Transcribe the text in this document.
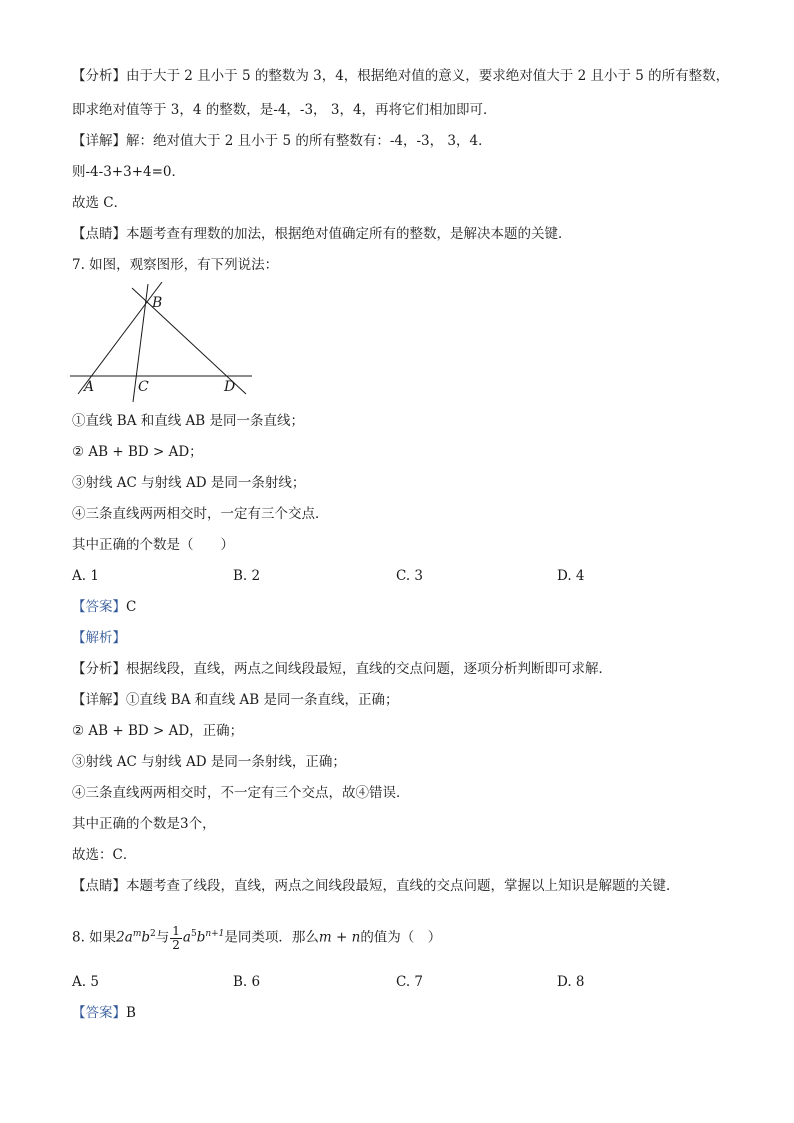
【分析】由于大于 2 且小于 5 的整数为 3，4，根据绝对值的意义，要求绝对值大于 2 且小于 5 的所有整数，
即求绝对值等于 3，4 的整数，是-4，-3， 3，4，再将它们相加即可．
【详解】解：绝对值大于 2 且小于 5 的所有整数有：-4，-3， 3，4．
则-4-3+3+4=0．
故选 C．
【点睛】本题考查有理数的加法，根据绝对值确定所有的整数，是解决本题的关键．
7. 如图，观察图形，有下列说法：
B
A	C	D
①直线 BA 和直线 AB 是同一条直线；
② AB + BD > AD；
③射线 AC 与射线 AD 是同一条射线；
④三条直线两两相交时，一定有三个交点．
其中正确的个数是（　　）
A. 1	B. 2	C. 3	D. 4
【答案】C
【解析】
【分析】根据线段，直线，两点之间线段最短，直线的交点问题，逐项分析判断即可求解．
【详解】①直线 BA 和直线 AB 是同一条直线，正确；
② AB + BD > AD，正确；
③射线 AC 与射线 AD 是同一条射线，正确；
④三条直线两两相交时，不一定有三个交点，故④错误．
其中正确的个数是3个，
故选：C．
【点睛】本题考查了线段，直线，两点之间线段最短，直线的交点问题，掌握以上知识是解题的关键．
8. 如果$2a^mb^2$与 $\frac{1}{2} a^5b^{n+1}$是同类项．那么m + n的值为（　）
A. 5	B. 6	C. 7	D. 8
【答案】B
